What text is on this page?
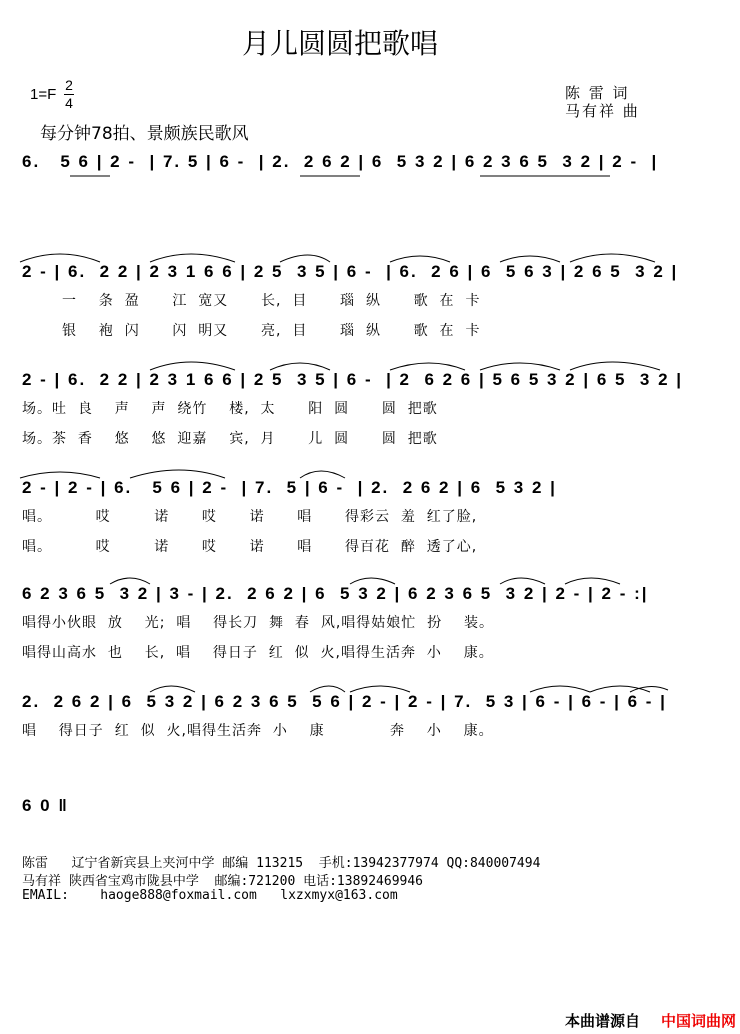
月儿圆圆把歌唱
1=F
2
4
陈 雷 词
马有祥 曲
每分钟78拍、景颇族民歌风
6.   5 6 | 2 -  | 7. 5 | 6 -  | 2.  2 6 2 | 6  5 3 2 | 6 2 3 6 5  3 2 | 2 -  |
2 - | 6.  2 2 | 2 3 1 6 6 | 2 5  3 5 | 6 -  | 6.  2 6 | 6  5 6 3 | 2 6 5  3 2 |
一    条  盈      江  宽又      长,  目      瑙  纵      歌  在  卡
银    袍  闪      闪  明又      亮,  目      瑙  纵      歌  在  卡
2 - | 6.  2 2 | 2 3 1 6 6 | 2 5  3 5 | 6 -  | 2  6 2 6 | 5 6 5 3 2 | 6 5  3 2 |
场。吐  良    声    声  绕竹    楼,  太      阳  圆      圆  把歌
场。茶  香    悠    悠  迎嘉    宾,  月      儿  圆      圆  把歌
2 - | 2 - | 6.   5 6 | 2 -  | 7.  5 | 6 -  | 2.  2 6 2 | 6  5 3 2 |
唱。        哎        诺      哎      诺      唱      得彩云  羞  红了脸,
唱。        哎        诺      哎      诺      唱      得百花  醉  透了心,
6 2 3 6 5  3 2 | 3 - | 2.  2 6 2 | 6  5 3 2 | 6 2 3 6 5  3 2 | 2 - | 2 - :|
唱得小伙眼  放    光;  唱    得长刀  舞  春  风,唱得姑娘忙  扮    装。
唱得山高水  也    长,  唱    得日子  红  似  火,唱得生活奔  小    康。
2.  2 6 2 | 6  5 3 2 | 6 2 3 6 5  5 6 | 2 - | 2 - | 7.  5 3 | 6 - | 6 - | 6 - |
唱    得日子  红  似  火,唱得生活奔  小    康            奔    小    康。
6 0 ‖
陈雷   辽宁省新宾县上夹河中学 邮编 113215  手机:13942377974 QQ:840007494
马有祥 陕西省宝鸡市陇县中学  邮编:721200 电话:13892469946
EMAIL:    haoge888@foxmail.com   lxzxmyx@163.com
本曲谱源自 中国词曲网
